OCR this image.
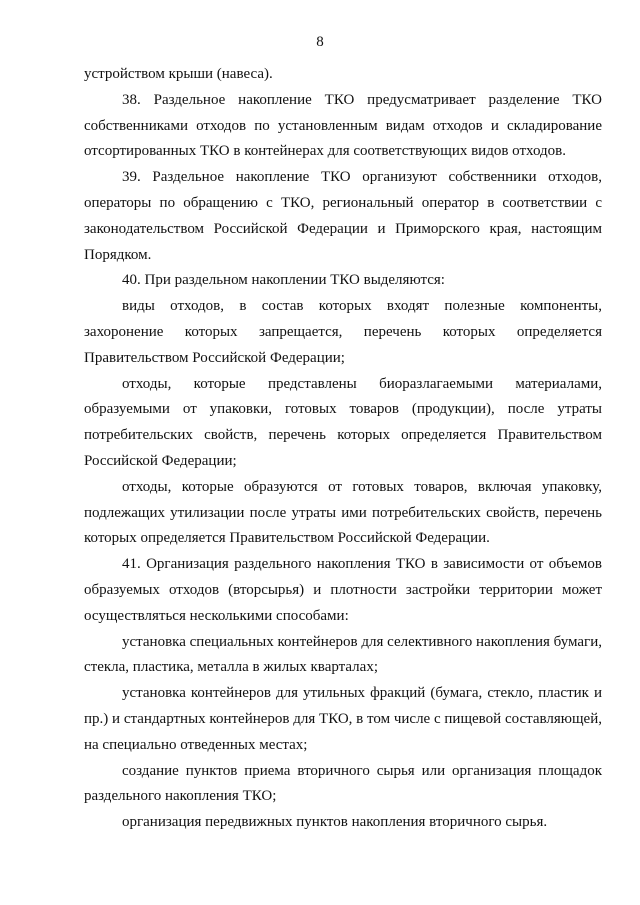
8

устройством крыши (навеса).

38. Раздельное накопление ТКО предусматривает разделение ТКО собственниками отходов по установленным видам отходов и складирование отсортированных ТКО в контейнерах для соответствующих видов отходов.

39. Раздельное накопление ТКО организуют собственники отходов, операторы по обращению с ТКО, региональный оператор в соответствии с законодательством Российской Федерации и Приморского края, настоящим Порядком.

40. При раздельном накоплении ТКО выделяются:

виды отходов, в состав которых входят полезные компоненты, захоронение которых запрещается, перечень которых определяется Правительством Российской Федерации;

отходы, которые представлены биоразлагаемыми материалами, образуемыми от упаковки, готовых товаров (продукции), после утраты потребительских свойств, перечень которых определяется Правительством Российской Федерации;

отходы, которые образуются от готовых товаров, включая упаковку, подлежащих утилизации после утраты ими потребительских свойств, перечень которых определяется Правительством Российской Федерации.

41. Организация раздельного накопления ТКО в зависимости от объемов образуемых отходов (вторсырья) и плотности застройки территории может осуществляться несколькими способами:

установка специальных контейнеров для селективного накопления бумаги, стекла, пластика, металла в жилых кварталах;

установка контейнеров для утильных фракций (бумага, стекло, пластик и пр.) и стандартных контейнеров для ТКО, в том числе с пищевой составляющей, на специально отведенных местах;

создание пунктов приема вторичного сырья или организация площадок раздельного накопления ТКО;

организация передвижных пунктов накопления вторичного сырья.
